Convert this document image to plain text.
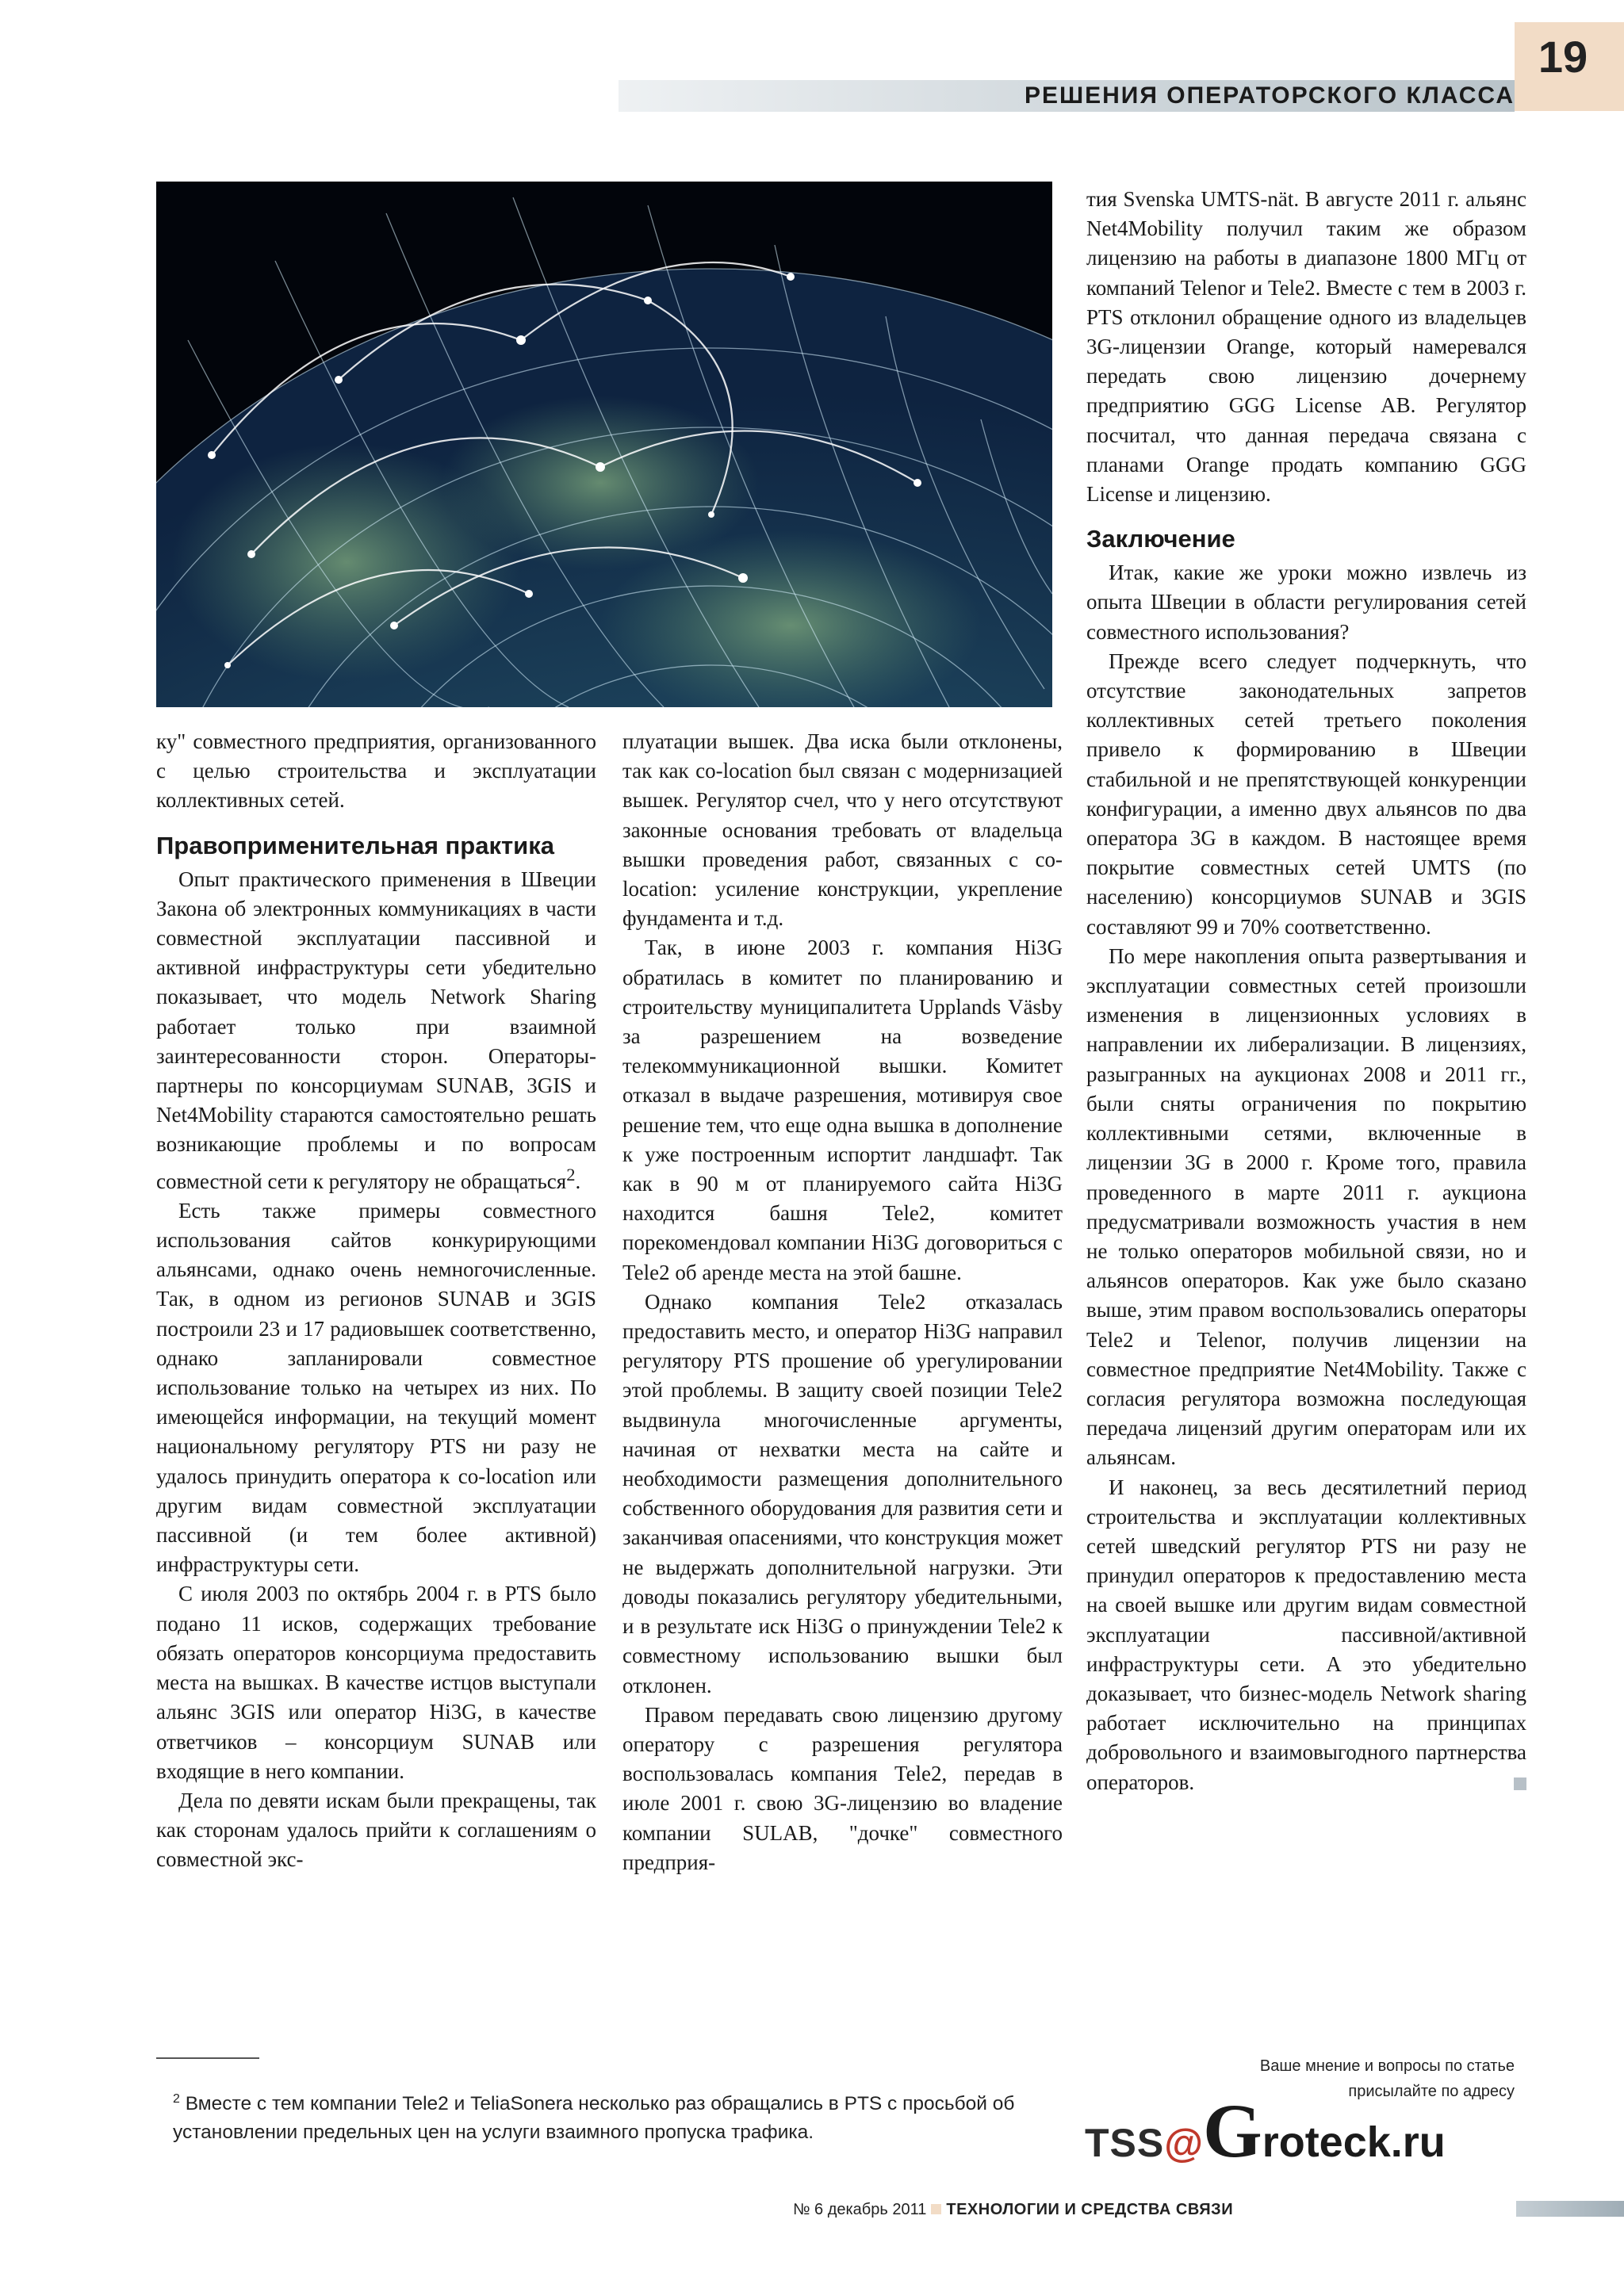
19
РЕШЕНИЯ ОПЕРАТОРСКОГО КЛАССА

ку" совместного предприятия, организованного с целью строительства и эксплуатации коллективных сетей.

Правоприменительная практика

Опыт практического применения в Швеции Закона об электронных коммуникациях в части совместной эксплуатации пассивной и активной инфраструктуры сети убедительно показывает, что модель Network Sharing работает только при взаимной заинтересованности сторон. Операторы-партнеры по консорциумам SUNAB, 3GIS и Net4Mobility стараются самостоятельно решать возникающие проблемы и по вопросам совместной сети к регулятору не обращаться$^2$.

Есть также примеры совместного использования сайтов конкурирующими альянсами, однако очень немногочисленные. Так, в одном из регионов SUNAB и 3GIS построили 23 и 17 радиовышек соответственно, однако запланировали совместное использование только на четырех из них. По имеющейся информации, на текущий момент национальному регулятору PTS ни разу не удалось принудить оператора к co-location или другим видам совместной эксплуатации пассивной (и тем более активной) инфраструктуры сети.

С июля 2003 по октябрь 2004 г. в PTS было подано 11 исков, содержащих требование обязать операторов консорциума предоставить места на вышках. В качестве истцов выступали альянс 3GIS или оператор Hi3G, в качестве ответчиков – консорциум SUNAB или входящие в него компании.

Дела по девяти искам были прекращены, так как сторонам удалось прийти к соглашениям о совместной экс-

плуатации вышек. Два иска были отклонены, так как co-location был связан с модернизацией вышек. Регулятор счел, что у него отсутствуют законные основания требовать от владельца вышки проведения работ, связанных с co-location: усиление конструкции, укрепление фундамента и т.д.

Так, в июне 2003 г. компания Hi3G обратилась в комитет по планированию и строительству муниципалитета Upplands Väsby за разрешением на возведение телекоммуникационной вышки. Комитет отказал в выдаче разрешения, мотивируя свое решение тем, что еще одна вышка в дополнение к уже построенным испортит ландшафт. Так как в 90 м от планируемого сайта Hi3G находится башня Tele2, комитет порекомендовал компании Hi3G договориться с Tele2 об аренде места на этой башне.

Однако компания Tele2 отказалась предоставить место, и оператор Hi3G направил регулятору PTS прошение об урегулировании этой проблемы. В защиту своей позиции Tele2 выдвинула многочисленные аргументы, начиная от нехватки места на сайте и необходимости размещения дополнительного собственного оборудования для развития сети и заканчивая опасениями, что конструкция может не выдержать дополнительной нагрузки. Эти доводы показались регулятору убедительными, и в результате иск Hi3G о принуждении Tele2 к совместному использованию вышки был отклонен.

Правом передавать свою лицензию другому оператору с разрешения регулятора воспользовалась компания Tele2, передав в июле 2001 г. свою 3G-лицензию во владение компании SULAB, "дочке" совместного предприя-

тия Svenska UMTS-nät. В августе 2011 г. альянс Net4Mobility получил таким же образом лицензию на работы в диапазоне 1800 МГц от компаний Telenor и Tele2. Вместе с тем в 2003 г. PTS отклонил обращение одного из владельцев 3G-лицензии Orange, который намеревался передать свою лицензию дочернему предприятию GGG License AB. Регулятор посчитал, что данная передача связана с планами Orange продать компанию GGG License и лицензию.

Заключение

Итак, какие же уроки можно извлечь из опыта Швеции в области регулирования сетей совместного использования?

Прежде всего следует подчеркнуть, что отсутствие законодательных запретов коллективных сетей третьего поколения привело к формированию в Швеции стабильной и не препятствующей конкуренции конфигурации, а именно двух альянсов по два оператора 3G в каждом. В настоящее время покрытие совместных сетей UMTS (по населению) консорциумов SUNAB и 3GIS составляют 99 и 70% соответственно.

По мере накопления опыта развертывания и эксплуатации совместных сетей произошли изменения в лицензионных условиях в направлении их либерализации. В лицензиях, разыгранных на аукционах 2008 и 2011 гг., были сняты ограничения по покрытию коллективными сетями, включенные в лицензии 3G в 2000 г. Кроме того, правила проведенного в марте 2011 г. аукциона предусматривали возможность участия в нем не только операторов мобильной связи, но и альянсов операторов. Как уже было сказано выше, этим правом воспользовались операторы Tele2 и Telenor, получив лицензии на совместное предприятие Net4Mobility. Также с согласия регулятора возможна последующая передача лицензий другим операторам или их альянсам.

И наконец, за весь десятилетний период строительства и эксплуатации коллективных сетей шведский регулятор PTS ни разу не принудил операторов к предоставлению места на своей вышке или другим видам совместной эксплуатации пассивной/активной инфраструктуры сети. А это убедительно доказывает, что бизнес-модель Network sharing работает исключительно на принципах добровольного и взаимовыгодного партнерства операторов.

$^2$ Вместе с тем компании Tele2 и TeliaSonera несколько раз обращались в PTS с просьбой об установлении предельных цен на услуги взаимного пропуска трафика.
Ваше мнение и вопросы по статье
присылайте по адресу
TSS@Groteck.ru
№ 6 декабрь 2011 ТЕХНОЛОГИИ И СРЕДСТВА СВЯЗИ
